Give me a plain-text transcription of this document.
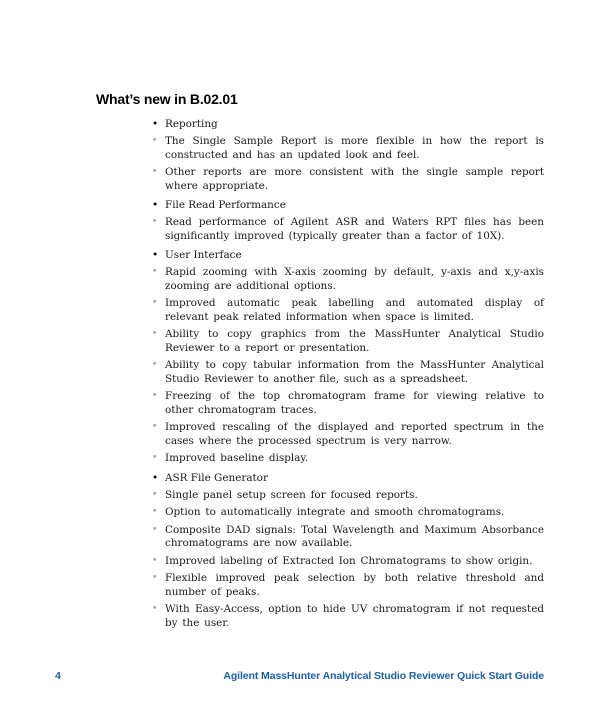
What’s new in B.02.01
• Reporting
• The Single Sample Report is more flexible in how the report is constructed and has an updated look and feel.
• Other reports are more consistent with the single sample report where appropriate.
• File Read Performance
• Read performance of Agilent ASR and Waters RPT files has been significantly improved (typically greater than a factor of 10X).
• User Interface
• Rapid zooming with X-axis zooming by default, y-axis and x,y-axis zooming are additional options.
• Improved automatic peak labelling and automated display of relevant peak related information when space is limited.
• Ability to copy graphics from the MassHunter Analytical Studio Reviewer to a report or presentation.
• Ability to copy tabular information from the MassHunter Analytical Studio Reviewer to another file, such as a spreadsheet.
• Freezing of the top chromatogram frame for viewing relative to other chromatogram traces.
• Improved rescaling of the displayed and reported spectrum in the cases where the processed spectrum is very narrow.
• Improved baseline display.
• ASR File Generator
• Single panel setup screen for focused reports.
• Option to automatically integrate and smooth chromatograms.
• Composite DAD signals: Total Wavelength and Maximum Absorbance chromatograms are now available.
• Improved labeling of Extracted Ion Chromatograms to show origin.
• Flexible improved peak selection by both relative threshold and number of peaks.
• With Easy-Access, option to hide UV chromatogram if not requested by the user.
4	Agilent MassHunter Analytical Studio Reviewer Quick Start Guide
